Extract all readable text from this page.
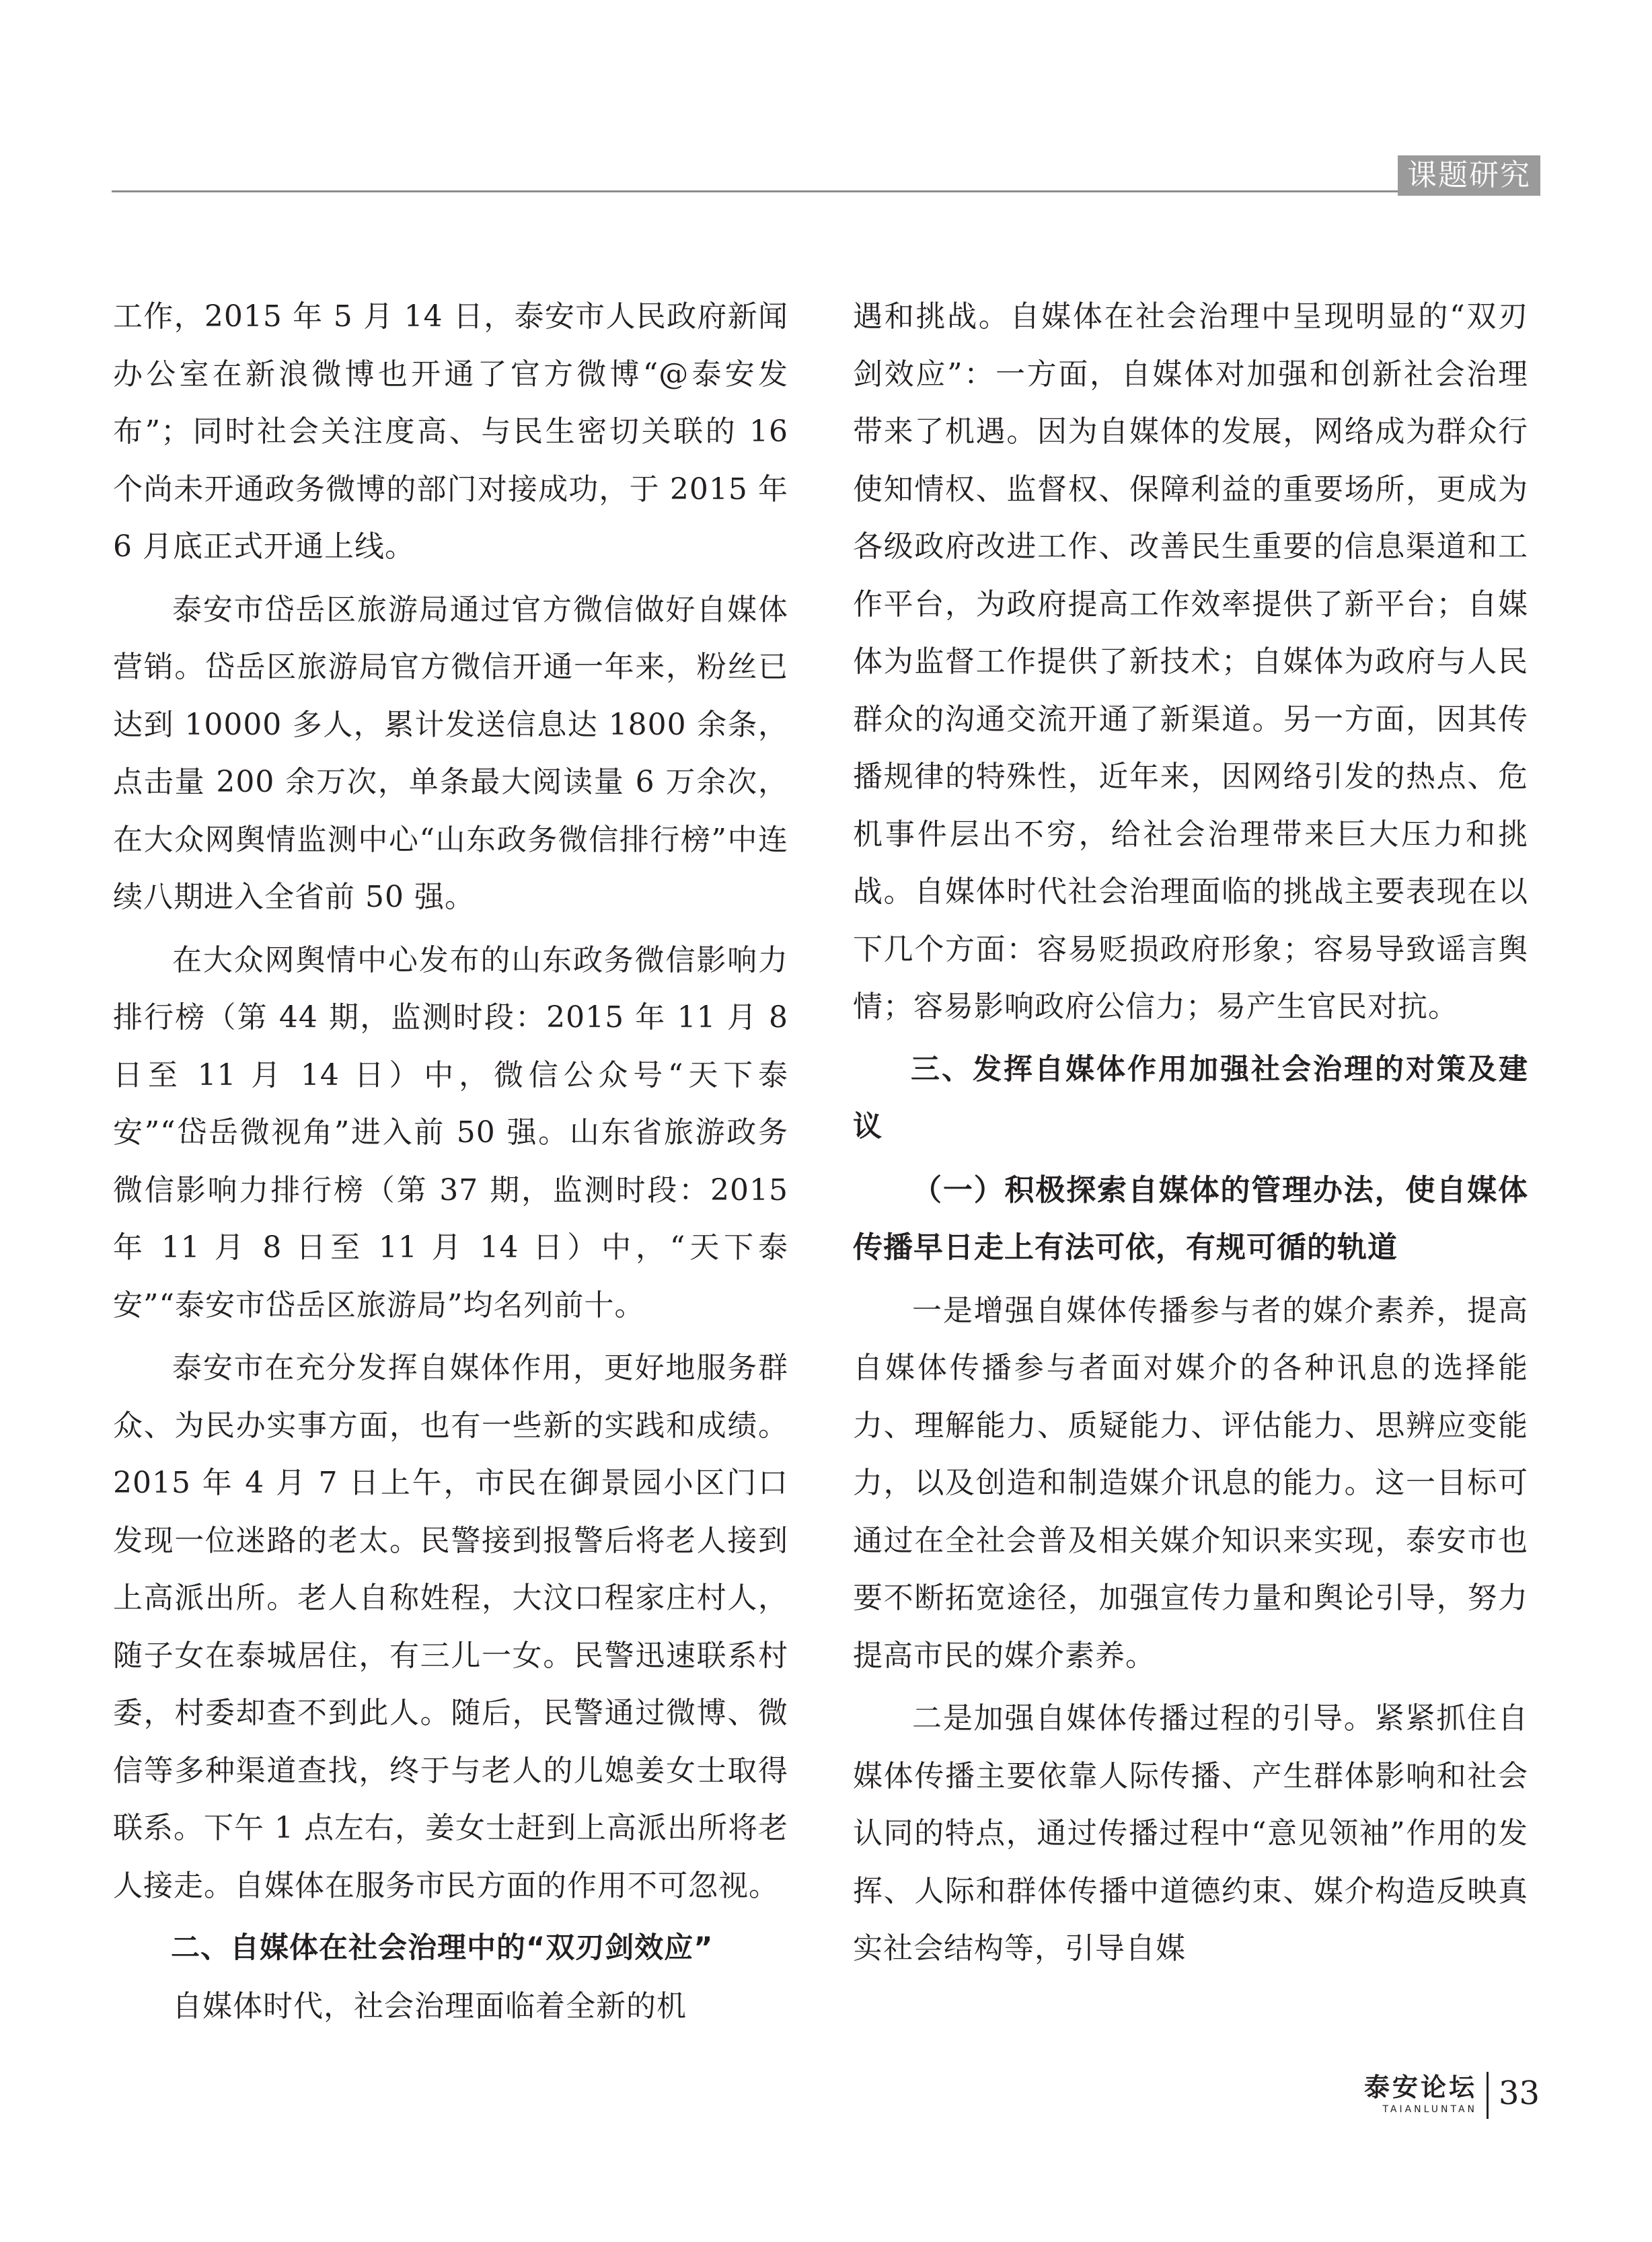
课题研究

工作，2015 年 5 月 14 日，泰安市人民政府新闻办公室在新浪微博也开通了官方微博“@泰安发布”；同时社会关注度高、与民生密切关联的 16 个尚未开通政务微博的部门对接成功，于 2015 年 6 月底正式开通上线。

泰安市岱岳区旅游局通过官方微信做好自媒体营销。岱岳区旅游局官方微信开通一年来，粉丝已达到 10000 多人，累计发送信息达 1800 余条，点击量 200 余万次，单条最大阅读量 6 万余次，在大众网舆情监测中心“山东政务微信排行榜”中连续八期进入全省前 50 强。

在大众网舆情中心发布的山东政务微信影响力排行榜（第 44 期，监测时段：2015 年 11 月 8 日至 11 月 14 日）中，微信公众号“天下泰安”“岱岳微视角”进入前 50 强。山东省旅游政务微信影响力排行榜（第 37 期，监测时段：2015 年 11 月 8 日至 11 月 14 日）中，“天下泰安”“泰安市岱岳区旅游局”均名列前十。

泰安市在充分发挥自媒体作用，更好地服务群众、为民办实事方面，也有一些新的实践和成绩。2015 年 4 月 7 日上午，市民在御景园小区门口发现一位迷路的老太。民警接到报警后将老人接到上高派出所。老人自称姓程，大汶口程家庄村人，随子女在泰城居住，有三儿一女。民警迅速联系村委，村委却查不到此人。随后，民警通过微博、微信等多种渠道查找，终于与老人的儿媳姜女士取得联系。下午 1 点左右，姜女士赶到上高派出所将老人接走。自媒体在服务市民方面的作用不可忽视。

二、自媒体在社会治理中的“双刃剑效应”

自媒体时代，社会治理面临着全新的机

遇和挑战。自媒体在社会治理中呈现明显的“双刃剑效应”：一方面，自媒体对加强和创新社会治理带来了机遇。因为自媒体的发展，网络成为群众行使知情权、监督权、保障利益的重要场所，更成为各级政府改进工作、改善民生重要的信息渠道和工作平台，为政府提高工作效率提供了新平台；自媒体为监督工作提供了新技术；自媒体为政府与人民群众的沟通交流开通了新渠道。另一方面，因其传播规律的特殊性，近年来，因网络引发的热点、危机事件层出不穷，给社会治理带来巨大压力和挑战。自媒体时代社会治理面临的挑战主要表现在以下几个方面：容易贬损政府形象；容易导致谣言舆情；容易影响政府公信力；易产生官民对抗。

三、发挥自媒体作用加强社会治理的对策及建议

（一）积极探索自媒体的管理办法，使自媒体传播早日走上有法可依，有规可循的轨道

一是增强自媒体传播参与者的媒介素养，提高自媒体传播参与者面对媒介的各种讯息的选择能力、理解能力、质疑能力、评估能力、思辨应变能力，以及创造和制造媒介讯息的能力。这一目标可通过在全社会普及相关媒介知识来实现，泰安市也要不断拓宽途径，加强宣传力量和舆论引导，努力提高市民的媒介素养。

二是加强自媒体传播过程的引导。紧紧抓住自媒体传播主要依靠人际传播、产生群体影响和社会认同的特点，通过传播过程中“意见领袖”作用的发挥、人际和群体传播中道德约束、媒介构造反映真实社会结构等，引导自媒

泰安论坛
TAIANLUNTAN 33
